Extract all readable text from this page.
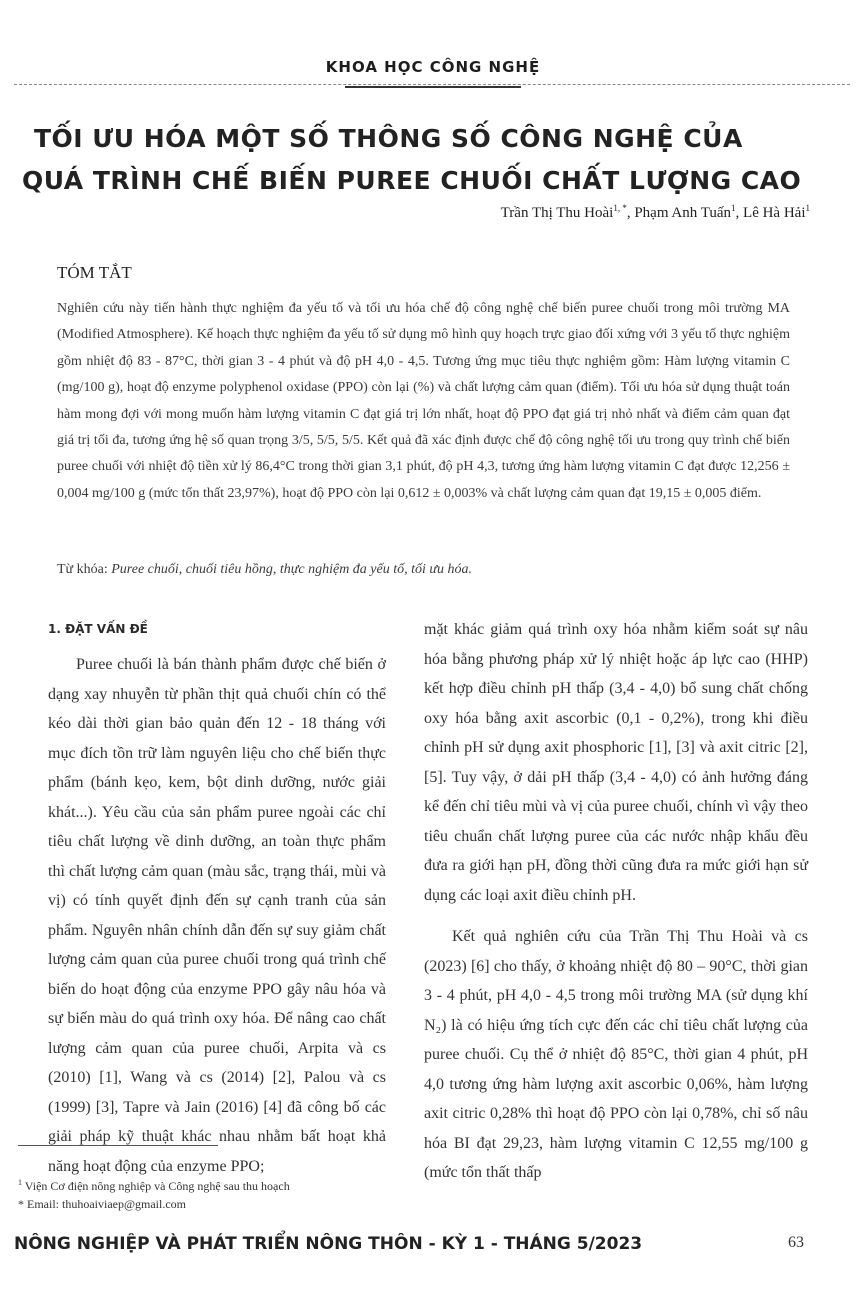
KHOA HỌC CÔNG NGHỆ
TỐI ƯU HÓA MỘT SỐ THÔNG SỐ CÔNG NGHỆ CỦA
QUÁ TRÌNH CHẾ BIẾN PUREE CHUỐI CHẤT LƯỢNG CAO
Trần Thị Thu Hoài$^{1, *}$, Phạm Anh Tuấn$^1$, Lê Hà Hải$^1$
TÓM TẮT

Nghiên cứu này tiến hành thực nghiệm đa yếu tố và tối ưu hóa chế độ công nghệ chế biến puree chuối trong môi trường MA (Modified Atmosphere). Kế hoạch thực nghiệm đa yếu tố sử dụng mô hình quy hoạch trực giao đối xứng với 3 yếu tố thực nghiệm gồm nhiệt độ 83 - 87°C, thời gian 3 - 4 phút và độ pH 4,0 - 4,5. Tương ứng mục tiêu thực nghiệm gồm: Hàm lượng vitamin C (mg/100 g), hoạt độ enzyme polyphenol oxidase (PPO) còn lại (%) và chất lượng cảm quan (điểm). Tối ưu hóa sử dụng thuật toán hàm mong đợi với mong muốn hàm lượng vitamin C đạt giá trị lớn nhất, hoạt độ PPO đạt giá trị nhỏ nhất và điểm cảm quan đạt giá trị tối đa, tương ứng hệ số quan trọng 3/5, 5/5, 5/5. Kết quả đã xác định được chế độ công nghệ tối ưu trong quy trình chế biến puree chuối với nhiệt độ tiền xử lý 86,4°C trong thời gian 3,1 phút, độ pH 4,3, tương ứng hàm lượng vitamin C đạt được 12,256 ± 0,004 mg/100 g (mức tổn thất 23,97%), hoạt độ PPO còn lại 0,612 ± 0,003% và chất lượng cảm quan đạt 19,15 ± 0,005 điểm.

Từ khóa: Puree chuối, chuối tiêu hồng, thực nghiệm đa yếu tố, tối ưu hóa.
1. ĐẶT VẤN ĐỀ

Puree chuối là bán thành phẩm được chế biến ở dạng xay nhuyễn từ phần thịt quả chuối chín có thể kéo dài thời gian bảo quản đến 12 - 18 tháng với mục đích tồn trữ làm nguyên liệu cho chế biến thực phẩm (bánh kẹo, kem, bột dinh dưỡng, nước giải khát...). Yêu cầu của sản phẩm puree ngoài các chỉ tiêu chất lượng về dinh dưỡng, an toàn thực phẩm thì chất lượng cảm quan (màu sắc, trạng thái, mùi và vị) có tính quyết định đến sự cạnh tranh của sản phẩm. Nguyên nhân chính dẫn đến sự suy giảm chất lượng cảm quan của puree chuối trong quá trình chế biến do hoạt động của enzyme PPO gây nâu hóa và sự biến màu do quá trình oxy hóa. Để nâng cao chất lượng cảm quan của puree chuối, Arpita và cs (2010) [1], Wang và cs (2014) [2], Palou và cs (1999) [3], Tapre và Jain (2016) [4] đã công bố các giải pháp kỹ thuật khác nhau nhằm bất hoạt khả năng hoạt động của enzyme PPO;

mặt khác giảm quá trình oxy hóa nhằm kiểm soát sự nâu hóa bằng phương pháp xử lý nhiệt hoặc áp lực cao (HHP) kết hợp điều chỉnh pH thấp (3,4 - 4,0) bổ sung chất chống oxy hóa bằng axit ascorbic (0,1 - 0,2%), trong khi điều chỉnh pH sử dụng axit phosphoric [1], [3] và axit citric [2], [5]. Tuy vậy, ở dải pH thấp (3,4 - 4,0) có ảnh hưởng đáng kể đến chỉ tiêu mùi và vị của puree chuối, chính vì vậy theo tiêu chuẩn chất lượng puree của các nước nhập khẩu đều đưa ra giới hạn pH, đồng thời cũng đưa ra mức giới hạn sử dụng các loại axit điều chỉnh pH.

Kết quả nghiên cứu của Trần Thị Thu Hoài và cs (2023) [6] cho thấy, ở khoảng nhiệt độ 80 – 90°C, thời gian 3 - 4 phút, pH 4,0 - 4,5 trong môi trường MA (sử dụng khí N₂) là có hiệu ứng tích cực đến các chỉ tiêu chất lượng của puree chuối. Cụ thể ở nhiệt độ 85°C, thời gian 4 phút, pH 4,0 tương ứng hàm lượng axit ascorbic 0,06%, hàm lượng axit citric 0,28% thì hoạt độ PPO còn lại 0,78%, chỉ số nâu hóa BI đạt 29,23, hàm lượng vitamin C 12,55 mg/100 g (mức tổn thất thấp

$^1$ Viện Cơ điện nông nghiệp và Công nghệ sau thu hoạch
* Email: thuhoaiviaep@gmail.com
NÔNG NGHIỆP VÀ PHÁT TRIỂN NÔNG THÔN - KỲ 1 - THÁNG 5/2023	63
